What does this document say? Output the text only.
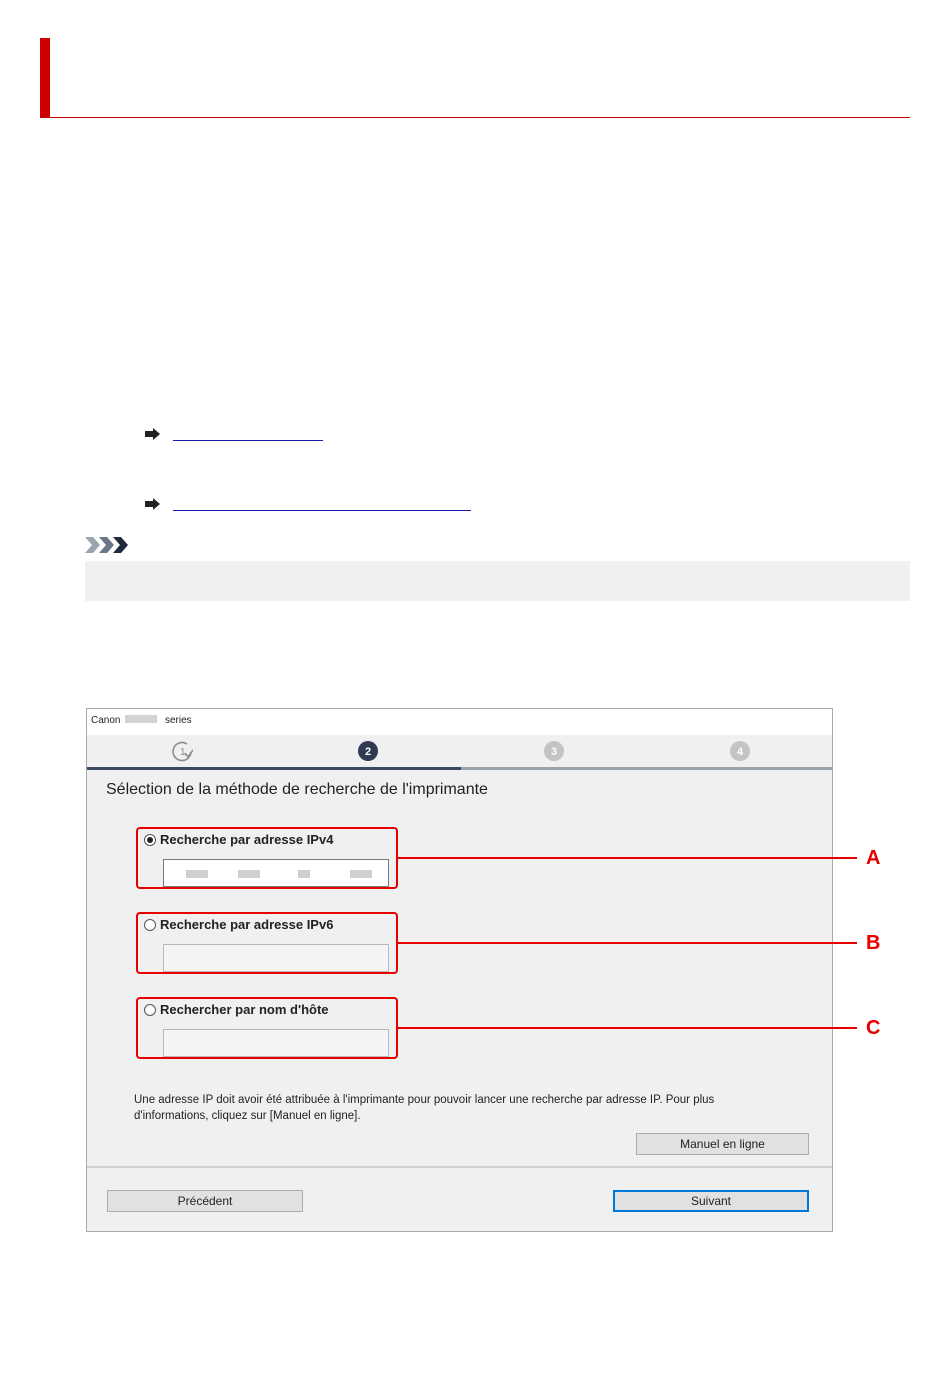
Canon	series
1	2	3	4
Sélection de la méthode de recherche de l'imprimante
Recherche par adresse IPv4
Recherche par adresse IPv6
Rechercher par nom d'hôte
Une adresse IP doit avoir été attribuée à l'imprimante pour pouvoir lancer une recherche par adresse IP. Pour plus d'informations, cliquez sur [Manuel en ligne].
Manuel en ligne
Précédent	Suivant
A
B
C
